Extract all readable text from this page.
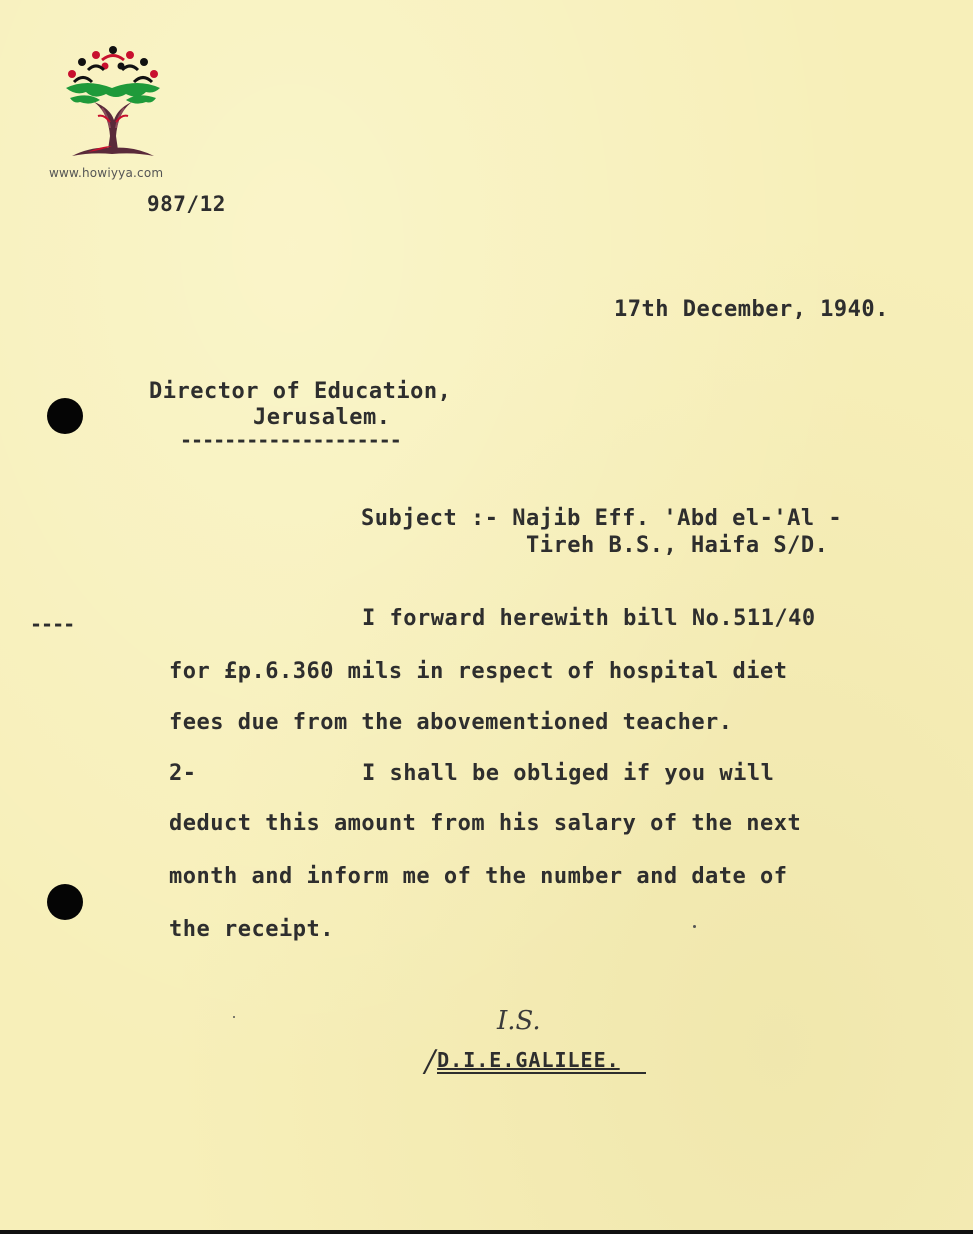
www.howiyya.com
987/12
17th December, 1940.
Director of Education,
Jerusalem.
--------------------
Subject :- Najib Eff. 'Abd el-'Al -
Tireh B.S., Haifa S/D.
----	I forward herewith bill No.511/40
for £p.6.360 mils in respect of hospital diet
fees due from the abovementioned teacher.
2-	I shall be obliged if you will
deduct this amount from his salary of the next
month and inform me of the number and date of
the receipt.
I.S.
/ D.I.E.GALILEE.
